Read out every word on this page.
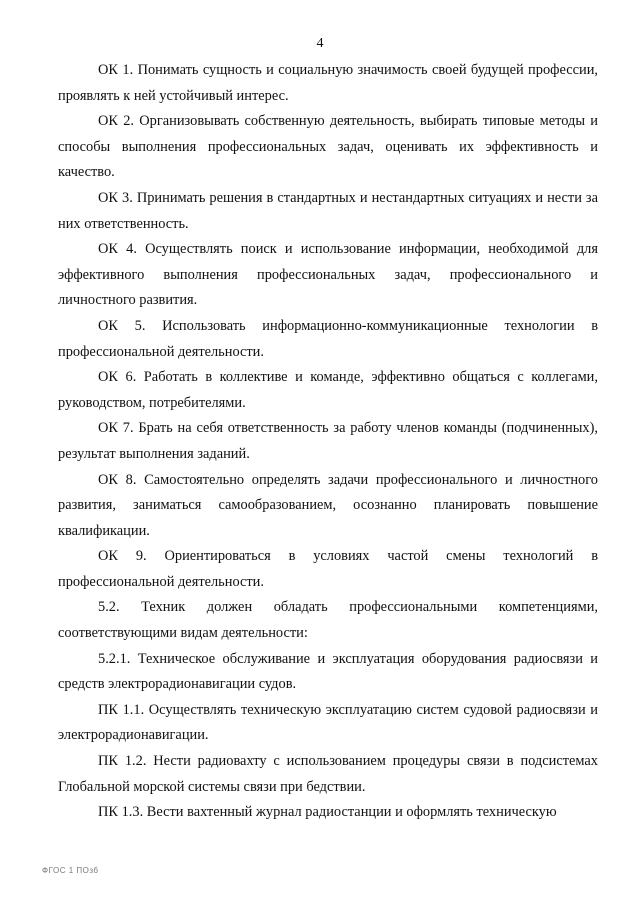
4

ОК 1. Понимать сущность и социальную значимость своей будущей профессии, проявлять к ней устойчивый интерес.

ОК 2. Организовывать собственную деятельность, выбирать типовые методы и способы выполнения профессиональных задач, оценивать их эффективность и качество.

ОК 3. Принимать решения в стандартных и нестандартных ситуациях и нести за них ответственность.

ОК 4. Осуществлять поиск и использование информации, необходимой для эффективного выполнения профессиональных задач, профессионального и личностного развития.

ОК 5. Использовать информационно-коммуникационные технологии в профессиональной деятельности.

ОК 6. Работать в коллективе и команде, эффективно общаться с коллегами, руководством, потребителями.

ОК 7. Брать на себя ответственность за работу членов команды (подчиненных), результат выполнения заданий.

ОК 8. Самостоятельно определять задачи профессионального и личностного развития, заниматься самообразованием, осознанно планировать повышение квалификации.

ОК 9. Ориентироваться в условиях частой смены технологий в профессиональной деятельности.

5.2. Техник должен обладать профессиональными компетенциями, соответствующими видам деятельности:

5.2.1. Техническое обслуживание и эксплуатация оборудования радиосвязи и средств электрорадионавигации судов.

ПК 1.1. Осуществлять техническую эксплуатацию систем судовой радиосвязи и электрорадионавигации.

ПК 1.2. Нести радиовахту с использованием процедуры связи в подсистемах Глобальной морской системы связи при бедствии.

ПК 1.3. Вести вахтенный журнал радиостанции и оформлять техническую

ФГОС 1 ПОзб
